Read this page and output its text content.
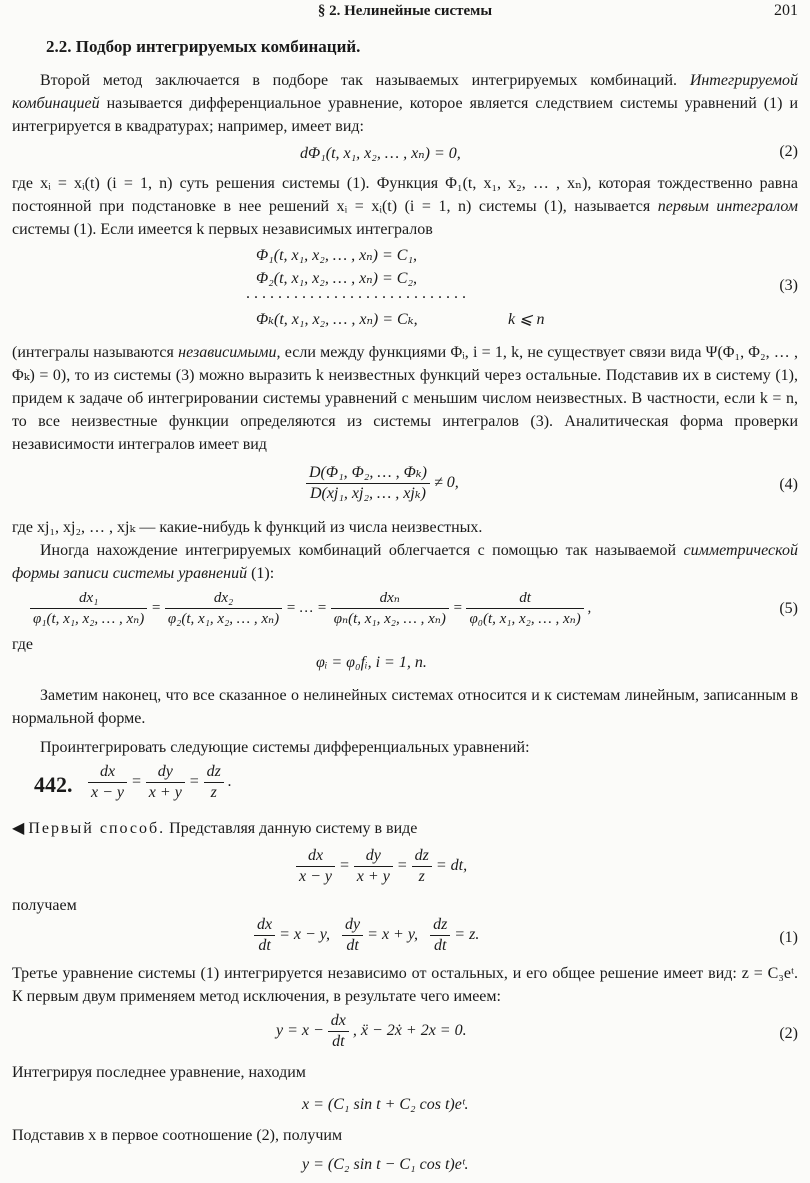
§ 2. Нелинейные системы	201
2.2. Подбор интегрируемых комбинаций.
Второй метод заключается в подборе так называемых интегрируемых комбинаций. Интегрируемой комбинацией называется дифференциальное уравнение, которое является следствием системы уравнений (1) и интегрируется в квадратурах; например, имеет вид:
dΦ₁(t, x₁, x₂, … , xₙ) = 0,	(2)
где xᵢ = xᵢ(t) (i = 1, n) суть решения системы (1). Функция Φ₁(t, x₁, x₂, … , xₙ), которая тождественно равна постоянной при подстановке в нее решений xᵢ = xᵢ(t) (i = 1, n) системы (1), называется первым интегралом системы (1). Если имеется k первых независимых интегралов
Φ₁(t, x₁, x₂, … , xₙ) = C₁,
Φ₂(t, x₁, x₂, … , xₙ) = C₂,
. . . . . . . . . . . . . . . . . . . . . . . . . . . .
Φₖ(t, x₁, x₂, … , xₙ) = Cₖ,	k ⩽ n
(3)
(интегралы называются независимыми, если между функциями Φᵢ, i = 1, k, не существует связи вида Ψ(Φ₁, Φ₂, … , Φₖ) = 0), то из системы (3) можно выразить k неизвестных функций через остальные. Подставив их в систему (1), придем к задаче об интегрировании системы уравнений с меньшим числом неизвестных. В частности, если k = n, то все неизвестные функции определяются из системы интегралов (3). Аналитическая форма проверки независимости интегралов имеет вид
$\frac{\text{D(Φ₁, Φ₂, … , Φₖ)}}{\text{D(xj₁, xj₂, … , xjₖ)}} \ne 0$,	(4)
где xj₁, xj₂, … , xjₖ — какие-нибудь k функций из числа неизвестных.
Иногда нахождение интегрируемых комбинаций облегчается с помощью так называемой симметрической формы записи системы уравнений (1):
$\frac{\text{dx₁}}{\text{φ₁(t, x₁, x₂, … , xₙ)}} = \frac{\text{dx₂}}{\text{φ₂(t, x₁, x₂, … , xₙ)}}$ = … = $\frac{\text{dxₙ}}{\text{φₙ(t, x₁, x₂, … , xₙ)}} = \frac{dt}{\text{φ₀(t, x₁, x₂, … , xₙ)}}$ ,	(5)
где
φᵢ = φ₀fᵢ, i = 1, n.
Заметим наконец, что все сказанное о нелинейных системах относится и к системам линейным, записанным в нормальной форме.
Проинтегрировать следующие системы дифференциальных уравнений:
442. $\frac{dx}{x - y} = \frac{dy}{x + y} = \frac{dz}{z}$ .
◀ Первый способ. Представляя данную систему в виде
$\frac{dx}{x - y} = \frac{dy}{x + y} = \frac{dz}{z}$ = dt,
получаем
$\frac{dx}{dt} = x - y$, $\frac{dy}{dt} = x + y$, $\frac{dz}{dt} = z$.	(1)
Третье уравнение системы (1) интегрируется независимо от остальных, и его общее решение имеет вид: z = C₃eᵗ. К первым двум применяем метод исключения, в результате чего имеем:
$y = x - \frac{dx}{dt}$ , ẍ − 2ẋ + 2x = 0.	(2)
Интегрируя последнее уравнение, находим
x = (C₁ sin t + C₂ cos t)eᵗ.
Подставив x в первое соотношение (2), получим
y = (C₂ sin t − C₁ cos t)eᵗ.
